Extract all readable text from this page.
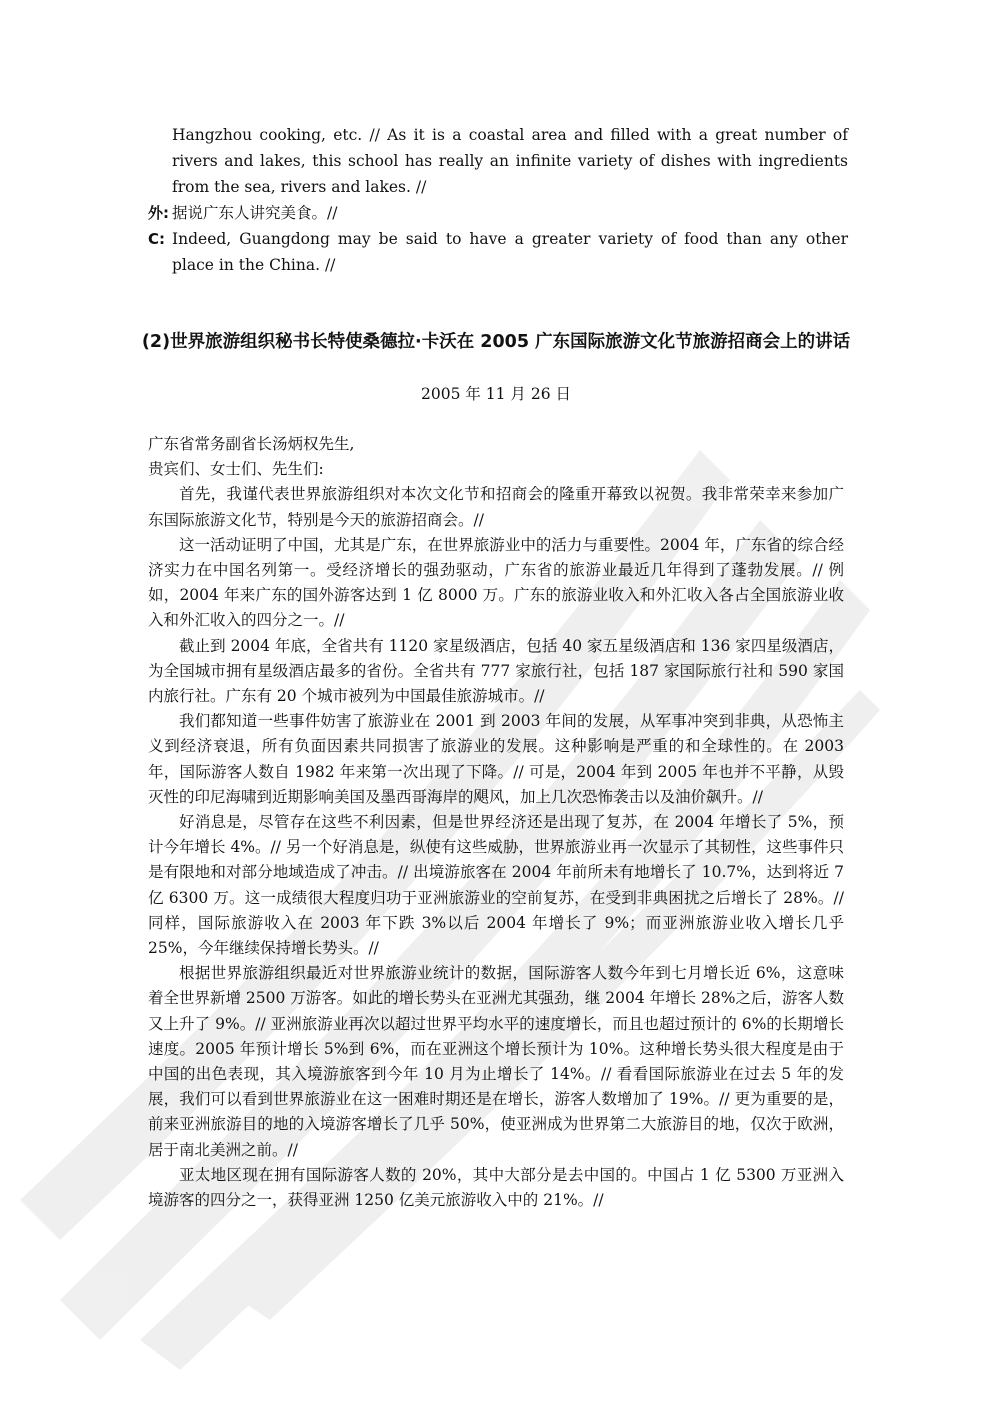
Hangzhou cooking, etc. // As it is a coastal area and filled with a great number of rivers and lakes, this school has really an infinite variety of dishes with ingredients from the sea, rivers and lakes. //
外: 据说广东人讲究美食。//
C: Indeed, Guangdong may be said to have a greater variety of food than any other place in the China. //
(2)世界旅游组织秘书长特使桑德拉·卡沃在 2005 广东国际旅游文化节旅游招商会上的讲话
2005 年 11 月 26 日

广东省常务副省长汤炳权先生,

贵宾们、女士们、先生们:

首先，我谨代表世界旅游组织对本次文化节和招商会的隆重开幕致以祝贺。我非常荣幸来参加广东国际旅游文化节，特别是今天的旅游招商会。//

这一活动证明了中国，尤其是广东，在世界旅游业中的活力与重要性。2004 年，广东省的综合经济实力在中国名列第一。受经济增长的强劲驱动，广东省的旅游业最近几年得到了蓬勃发展。// 例如，2004 年来广东的国外游客达到 1 亿 8000 万。广东的旅游业收入和外汇收入各占全国旅游业收入和外汇收入的四分之一。//

截止到 2004 年底，全省共有 1120 家星级酒店，包括 40 家五星级酒店和 136 家四星级酒店，为全国城市拥有星级酒店最多的省份。全省共有 777 家旅行社，包括 187 家国际旅行社和 590 家国内旅行社。广东有 20 个城市被列为中国最佳旅游城市。//

我们都知道一些事件妨害了旅游业在 2001 到 2003 年间的发展，从军事冲突到非典，从恐怖主义到经济衰退，所有负面因素共同损害了旅游业的发展。这种影响是严重的和全球性的。在 2003 年，国际游客人数自 1982 年来第一次出现了下降。// 可是，2004 年到 2005 年也并不平静，从毁灭性的印尼海啸到近期影响美国及墨西哥海岸的飓风，加上几次恐怖袭击以及油价飙升。//

好消息是，尽管存在这些不利因素，但是世界经济还是出现了复苏，在 2004 年增长了 5%，预计今年增长 4%。// 另一个好消息是，纵使有这些威胁，世界旅游业再一次显示了其韧性，这些事件只是有限地和对部分地域造成了冲击。// 出境游旅客在 2004 年前所未有地增长了 10.7%，达到将近 7 亿 6300 万。这一成绩很大程度归功于亚洲旅游业的空前复苏，在受到非典困扰之后增长了 28%。// 同样，国际旅游收入在 2003 年下跌 3%以后 2004 年增长了 9%；而亚洲旅游业收入增长几乎 25%，今年继续保持增长势头。//

根据世界旅游组织最近对世界旅游业统计的数据，国际游客人数今年到七月增长近 6%，这意味着全世界新增 2500 万游客。如此的增长势头在亚洲尤其强劲，继 2004 年增长 28%之后，游客人数又上升了 9%。// 亚洲旅游业再次以超过世界平均水平的速度增长，而且也超过预计的 6%的长期增长速度。2005 年预计增长 5%到 6%，而在亚洲这个增长预计为 10%。这种增长势头很大程度是由于中国的出色表现，其入境游旅客到今年 10 月为止增长了 14%。// 看看国际旅游业在过去 5 年的发展，我们可以看到世界旅游业在这一困难时期还是在增长，游客人数增加了 19%。// 更为重要的是，前来亚洲旅游目的地的入境游客增长了几乎 50%，使亚洲成为世界第二大旅游目的地，仅次于欧洲，居于南北美洲之前。//

亚太地区现在拥有国际游客人数的 20%，其中大部分是去中国的。中国占 1 亿 5300 万亚洲入境游客的四分之一，获得亚洲 1250 亿美元旅游收入中的 21%。//
